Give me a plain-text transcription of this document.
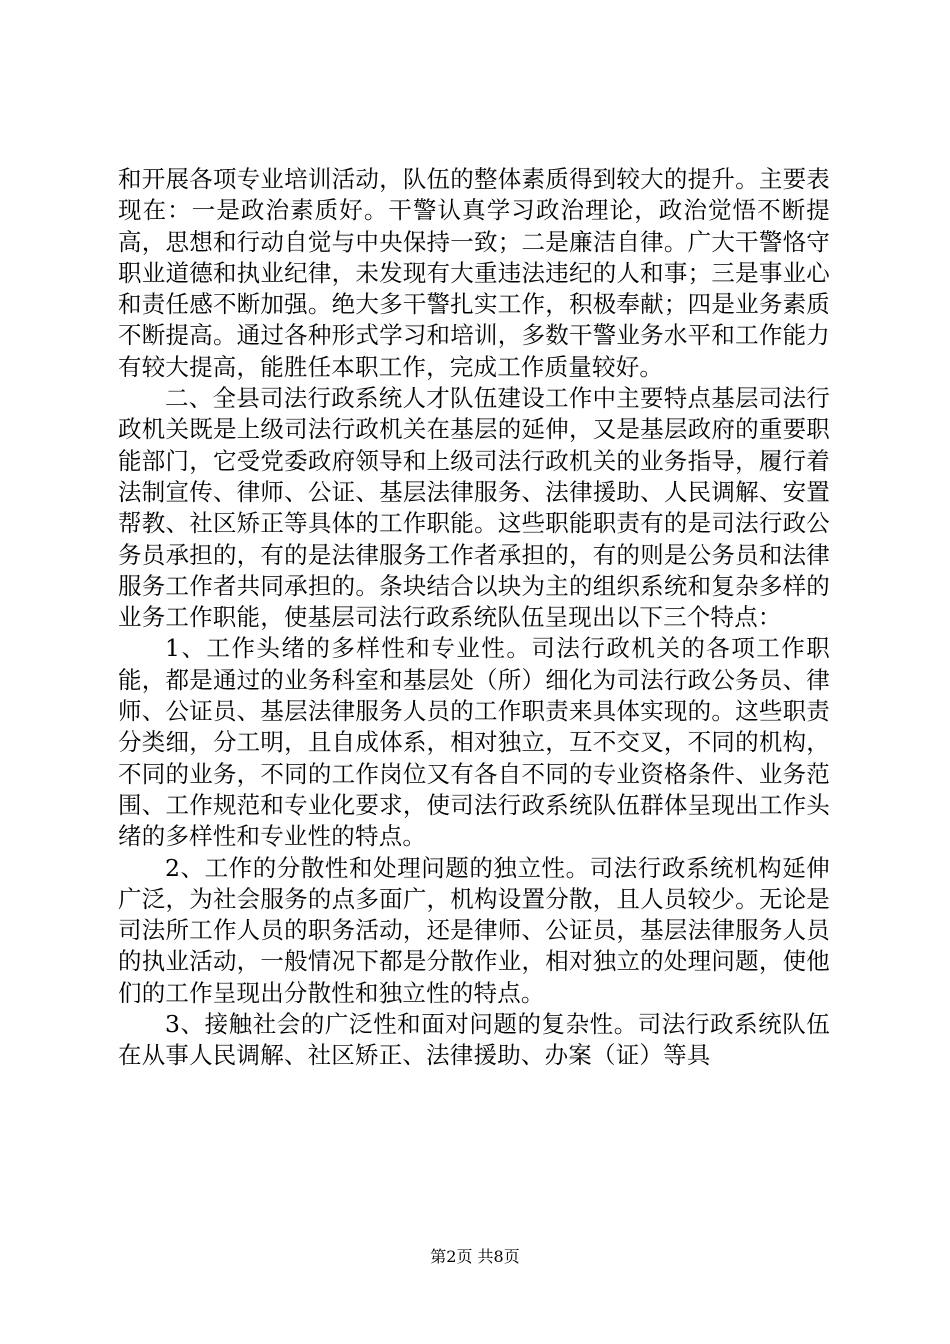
和开展各项专业培训活动，队伍的整体素质得到较大的提升。主要表现在：一是政治素质好。干警认真学习政治理论，政治觉悟不断提高，思想和行动自觉与中央保持一致；二是廉洁自律。广大干警恪守职业道德和执业纪律，未发现有大重违法违纪的人和事；三是事业心和责任感不断加强。绝大多干警扎实工作，积极奉献；四是业务素质不断提高。通过各种形式学习和培训，多数干警业务水平和工作能力有较大提高，能胜任本职工作，完成工作质量较好。

二、全县司法行政系统人才队伍建设工作中主要特点基层司法行政机关既是上级司法行政机关在基层的延伸，又是基层政府的重要职能部门，它受党委政府领导和上级司法行政机关的业务指导，履行着法制宣传、律师、公证、基层法律服务、法律援助、人民调解、安置帮教、社区矫正等具体的工作职能。这些职能职责有的是司法行政公务员承担的，有的是法律服务工作者承担的，有的则是公务员和法律服务工作者共同承担的。条块结合以块为主的组织系统和复杂多样的业务工作职能，使基层司法行政系统队伍呈现出以下三个特点：

1、工作头绪的多样性和专业性。司法行政机关的各项工作职能，都是通过的业务科室和基层处（所）细化为司法行政公务员、律师、公证员、基层法律服务人员的工作职责来具体实现的。这些职责分类细，分工明，且自成体系，相对独立，互不交叉，不同的机构，不同的业务，不同的工作岗位又有各自不同的专业资格条件、业务范围、工作规范和专业化要求，使司法行政系统队伍群体呈现出工作头绪的多样性和专业性的特点。

2、工作的分散性和处理问题的独立性。司法行政系统机构延伸广泛，为社会服务的点多面广，机构设置分散，且人员较少。无论是司法所工作人员的职务活动，还是律师、公证员，基层法律服务人员的执业活动，一般情况下都是分散作业，相对独立的处理问题，使他们的工作呈现出分散性和独立性的特点。

3、接触社会的广泛性和面对问题的复杂性。司法行政系统队伍在从事人民调解、社区矫正、法律援助、办案（证）等具

第2页 共8页
